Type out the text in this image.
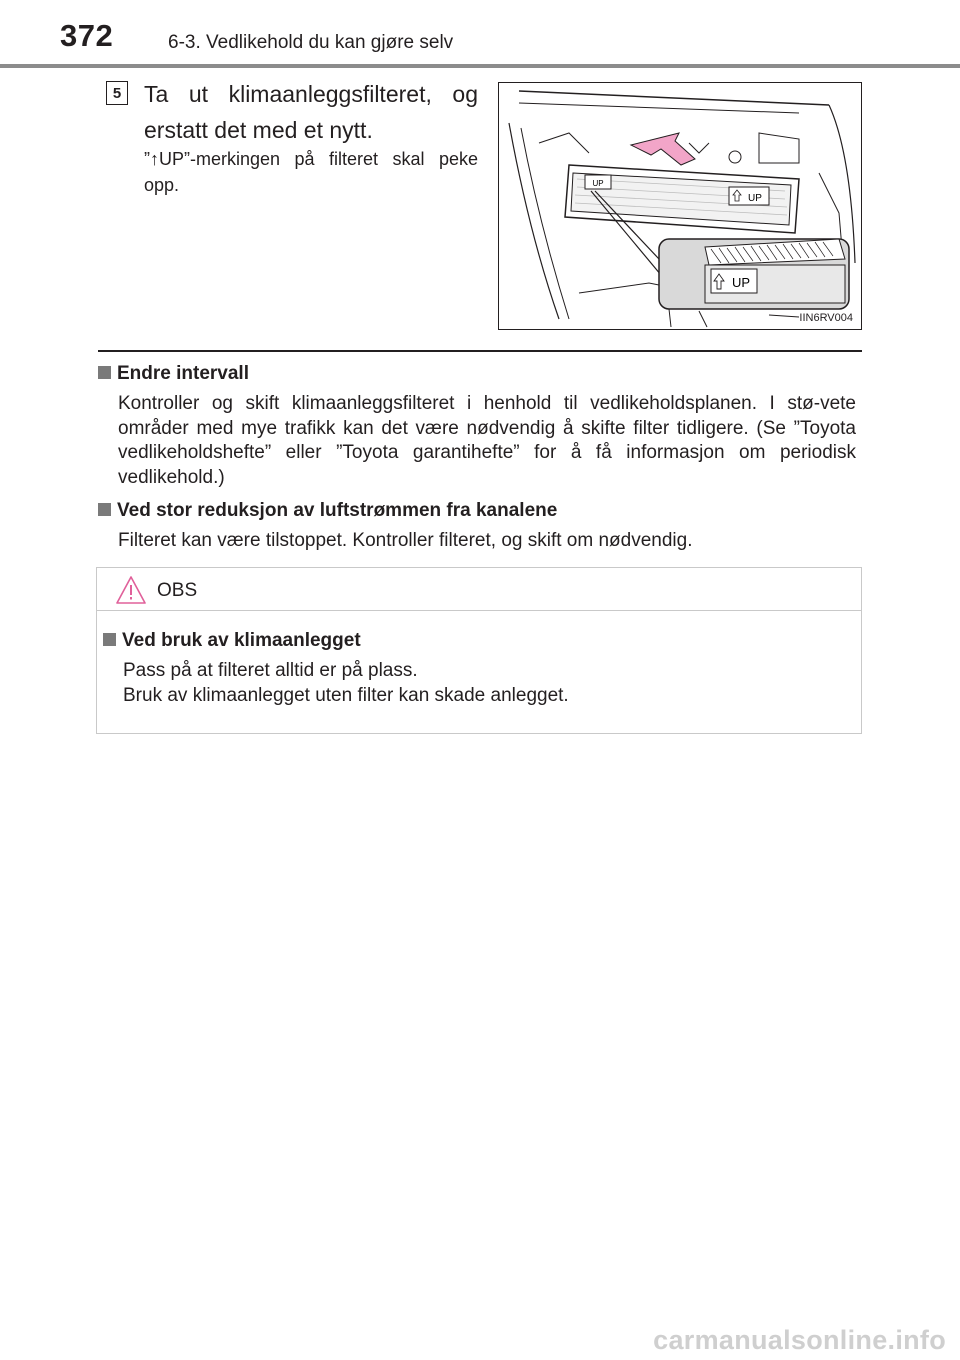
372	6-3. Vedlikehold du kan gjøre selv
5 Ta ut klimaanleggsfilteret, og erstatt det med et nytt.
”↑UP”-merkingen på filteret skal peke opp.	UP
UP
UP
IIN6RV004
Endre intervall
Kontroller og skift klimaanleggsfilteret i henhold til vedlikeholdsplanen. I stø-vete områder med mye trafikk kan det være nødvendig å skifte filter tidligere. (Se ”Toyota vedlikeholdshefte” eller ”Toyota garantihefte” for å få informasjon om periodisk vedlikehold.)
Ved stor reduksjon av luftstrømmen fra kanalene
Filteret kan være tilstoppet. Kontroller filteret, og skift om nødvendig.
OBS
Ved bruk av klimaanlegget
Pass på at filteret alltid er på plass.
Bruk av klimaanlegget uten filter kan skade anlegget.
carmanualsonline.info
